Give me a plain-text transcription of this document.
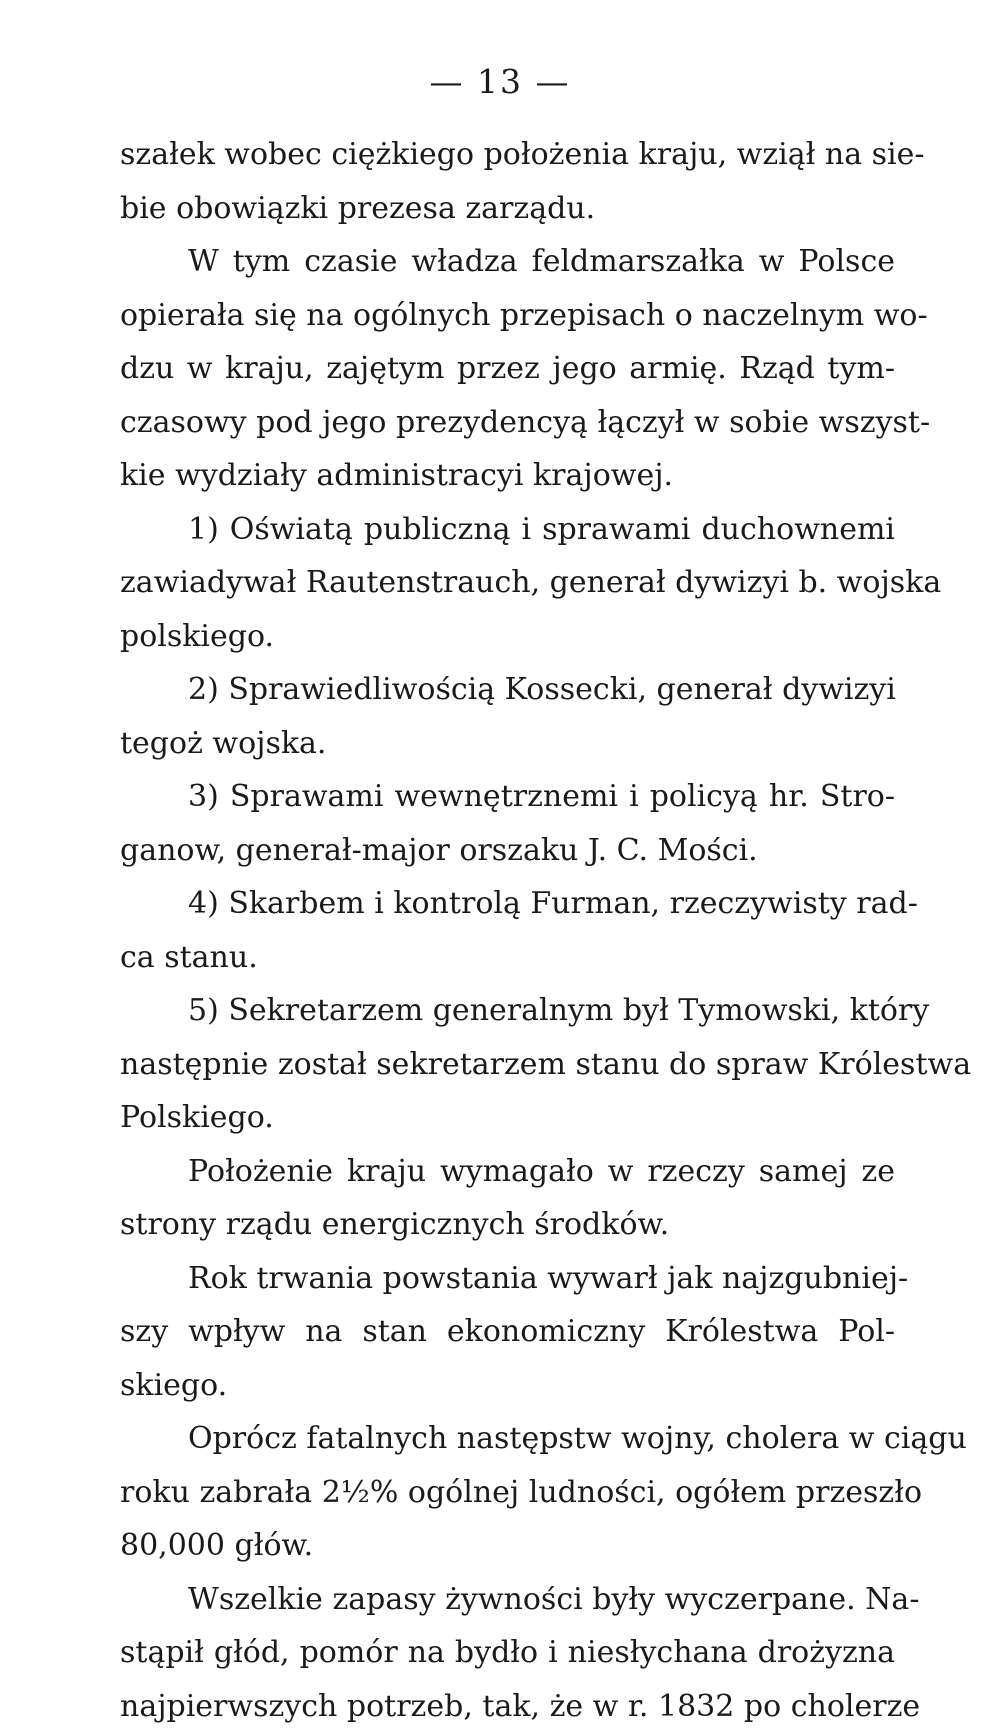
— 13 —
szałek wobec ciężkiego położenia kraju, wziął na sie-
bie obowiązki prezesa zarządu.
W tym czasie władza feldmarszałka w Polsce
opierała się na ogólnych przepisach o naczelnym wo-
dzu w kraju, zajętym przez jego armię. Rząd tym-
czasowy pod jego prezydencyą łączył w sobie wszyst-
kie wydziały administracyi krajowej.
1) Oświatą publiczną i sprawami duchownemi
zawiadywał Rautenstrauch, generał dywizyi b. wojska
polskiego.
2) Sprawiedliwością Kossecki, generał dywizyi
tegoż wojska.
3) Sprawami wewnętrznemi i policyą hr. Stro-
ganow, generał-major orszaku J. C. Mości.
4) Skarbem i kontrolą Furman, rzeczywisty rad-
ca stanu.
5) Sekretarzem generalnym był Tymowski, który
następnie został sekretarzem stanu do spraw Królestwa
Polskiego.
Położenie kraju wymagało w rzeczy samej ze
strony rządu energicznych środków.
Rok trwania powstania wywarł jak najzgubniej-
szy wpływ na stan ekonomiczny Królestwa Pol-
skiego.
Oprócz fatalnych następstw wojny, cholera w ciągu
roku zabrała 2½% ogólnej ludności, ogółem przeszło
80,000 głów.
Wszelkie zapasy żywności były wyczerpane. Na-
stąpił głód, pomór na bydło i niesłychana drożyzna
najpierwszych potrzeb, tak, że w r. 1832 po cholerze
